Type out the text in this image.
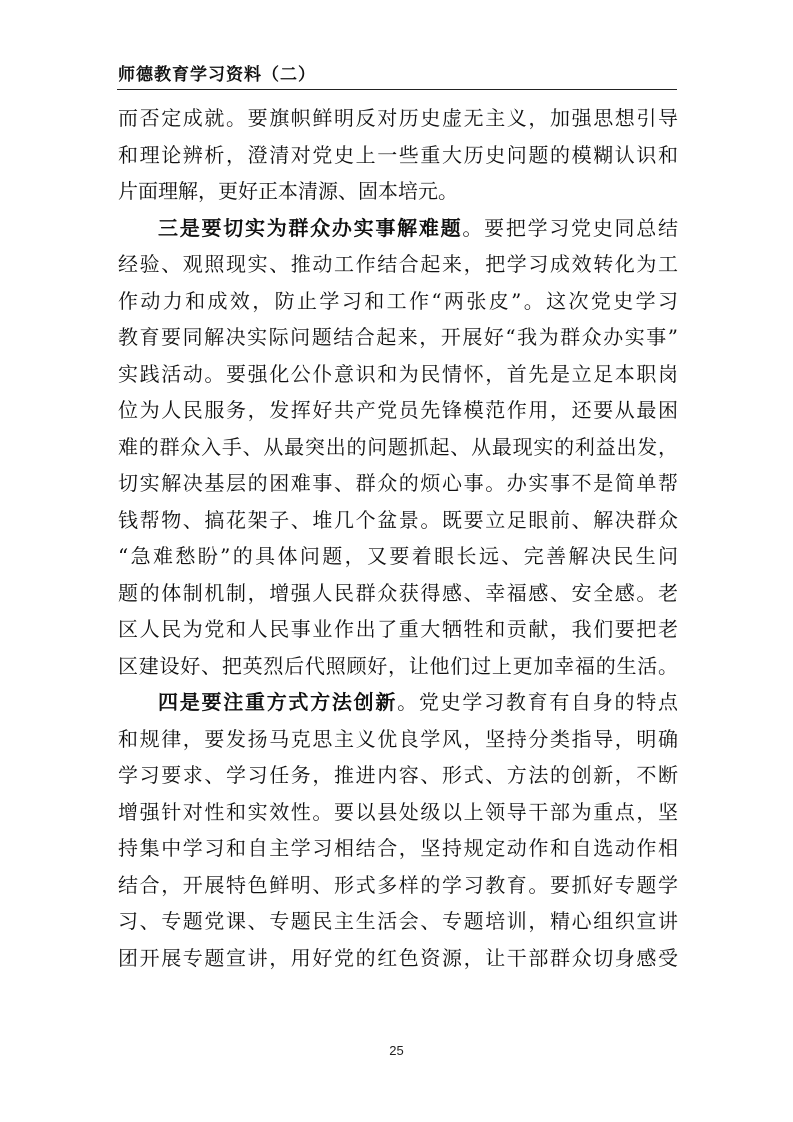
师德教育学习资料（二）
而否定成就。要旗帜鲜明反对历史虚无主义，加强思想引导
和理论辨析，澄清对党史上一些重大历史问题的模糊认识和
片面理解，更好正本清源、固本培元。
三是要切实为群众办实事解难题。要把学习党史同总结
经验、观照现实、推动工作结合起来，把学习成效转化为工
作动力和成效，防止学习和工作“两张皮”。这次党史学习
教育要同解决实际问题结合起来，开展好“我为群众办实事”
实践活动。要强化公仆意识和为民情怀，首先是立足本职岗
位为人民服务，发挥好共产党员先锋模范作用，还要从最困
难的群众入手、从最突出的问题抓起、从最现实的利益出发，
切实解决基层的困难事、群众的烦心事。办实事不是简单帮
钱帮物、搞花架子、堆几个盆景。既要立足眼前、解决群众
“急难愁盼”的具体问题，又要着眼长远、完善解决民生问
题的体制机制，增强人民群众获得感、幸福感、安全感。老
区人民为党和人民事业作出了重大牺牲和贡献，我们要把老
区建设好、把英烈后代照顾好，让他们过上更加幸福的生活。
四是要注重方式方法创新。党史学习教育有自身的特点
和规律，要发扬马克思主义优良学风，坚持分类指导，明确
学习要求、学习任务，推进内容、形式、方法的创新，不断
增强针对性和实效性。要以县处级以上领导干部为重点，坚
持集中学习和自主学习相结合，坚持规定动作和自选动作相
结合，开展特色鲜明、形式多样的学习教育。要抓好专题学
习、专题党课、专题民主生活会、专题培训，精心组织宣讲
团开展专题宣讲，用好党的红色资源，让干部群众切身感受
25
